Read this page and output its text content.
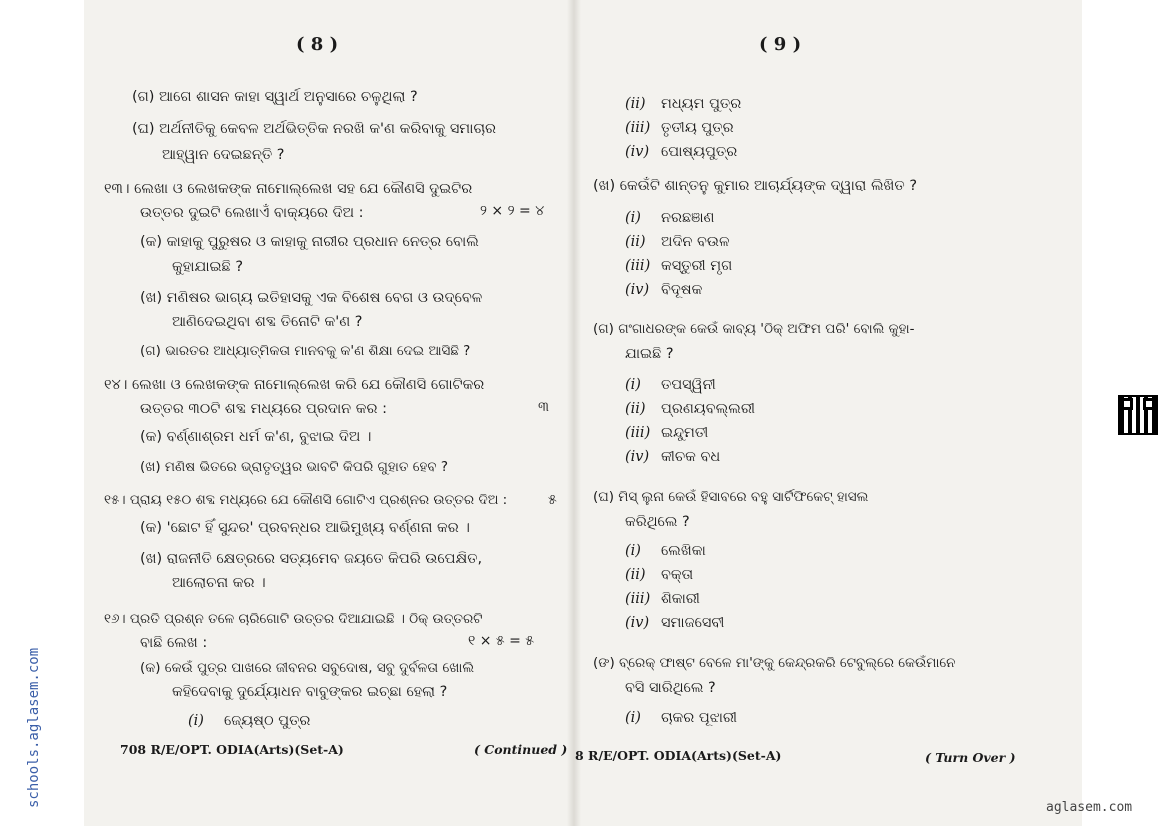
( 8 )
(ଗ) ଆଗେ ଶାସନ କାହା ସ୍ୱାର୍ଥ ଅନୁସାରେ ଚଳୁଥିଲା ?
(ଘ) ଅର୍ଥନୀତିକୁ କେବଳ ଅର୍ଥଭିତ୍ତିକ ନରଖି କ'ଣ କରିବାକୁ ସମାଚାର
ଆହ୍ୱାନ ଦେଇଛନ୍ତି ?
୧୩। ଲେଖା ଓ ଲେଖକଙ୍କ ନାମୋଲ୍ଲେଖ ସହ ଯେ କୌଣସି ଦୁଇଟିର
ଉତ୍ତର ଦୁଇଟି ଲେଖାଏଁ ବାକ୍ୟରେ ଦିଅ :	୨ × ୨ = ୪
(କ) କାହାକୁ ପୁରୁଷର ଓ କାହାକୁ ନାରୀର ପ୍ରଧାନ ନେତ୍ର ବୋଲି
କୁହାଯାଇଛି ?
(ଖ) ମଣିଷର ଭାଗ୍ୟ ଇତିହାସକୁ ଏକ ବିଶେଷ ବେଗ ଓ ଉଦ୍‌ବେଳ
ଆଣିଦେଇଥିବା ଶବ୍ଦ ତିନୋଟି କ'ଣ ?
(ଗ) ଭାରତର ଆଧ୍ୟାତ୍ମିକତା ମାନବକୁ କ'ଣ ଶିକ୍ଷା ଦେଇ ଆସିଛି ?
୧୪। ଲେଖା ଓ ଲେଖକଙ୍କ ନାମୋଲ୍ଲେଖ କରି ଯେ କୌଣସି ଗୋଟିକର
ଉତ୍ତର ୩୦ଟି ଶବ୍ଦ ମଧ୍ୟରେ ପ୍ରଦାନ କର :	୩
(କ) ବର୍ଣ୍ଣାଶ୍ରମ ଧର୍ମ କ'ଣ, ବୁଝାଇ ଦିଅ ।
(ଖ) ମଣିଷ ଭିତରେ ଭ୍ରାତୃତ୍ୱର ଭାବଟି କିପରି ଗୁହାତ ହେବ ?
୧୫। ପ୍ରାୟ ୧୫୦ ଶବ୍ଦ ମଧ୍ୟରେ ଯେ କୌଣସି ଗୋଟିଏ ପ୍ରଶ୍ନର ଉତ୍ତର ଦିଅ :	୫
(କ) 'ଛୋଟ ହିଁ ସୁନ୍ଦର' ପ୍ରବନ୍ଧର ଆଭିମୁଖ୍ୟ ବର୍ଣ୍ଣନା କର ।
(ଖ) ରାଜନୀତି କ୍ଷେତ୍ରରେ ସତ୍ୟମେବ ଜୟତେ କିପରି ଉପେକ୍ଷିତ,
ଆଲୋଚନା କର ।
୧୬। ପ୍ରତି ପ୍ରଶ୍ନ ତଳେ ଚାରିଗୋଟି ଉତ୍ତର ଦିଆଯାଇଛି । ଠିକ୍ ଉତ୍ତରଟି
ବାଛି ଲେଖ :	୧ × ୫ = ୫
(କ) କେଉଁ ପୁତ୍ର ପାଖରେ ଜୀବନର ସବୁଦୋଷ, ସବୁ ଦୁର୍ବଳତା ଖୋଲି
କହିଦେବାକୁ ଦୁର୍ଯ୍ୟୋଧନ ବାବୁଙ୍କର ଇଚ୍ଛା ହେଲା ?
(i) ଜ୍ୟେଷ୍ଠ ପୁତ୍ର
708 R/E/OPT. ODIA(Arts)(Set-A)	( Continued )
( 9 )
(ii) ମଧ୍ୟମ ପୁତ୍ର
(iii) ତୃତୀୟ ପୁତ୍ର
(iv) ପୋଷ୍ୟପୁତ୍ର
(ଖ) କେଉଁଟି ଶାନ୍ତନୁ କୁମାର ଆଚାର୍ଯ୍ୟଙ୍କ ଦ୍ୱାରା ଲିଖିତ ?
(i) ନରଛଞାଣ
(ii) ଅଦିନ ବଉଳ
(iii) କସ୍ତୁରୀ ମୃଗ
(iv) ବିଦୂଷକ
(ଗ) ଗଂଗାଧରଙ୍କ କେଉଁ କାବ୍ୟ 'ଠିକ୍ ଅଫିମ ପରି' ବୋଲି କୁହା-
ଯାଇଛି ?
(i) ତପସ୍ୱିନୀ
(ii) ପ୍ରଣୟବଲ୍ଲରୀ
(iii) ଇନ୍ଦୁମତୀ
(iv) କୀଚକ ବଧ
(ଘ) ମିସ୍ ଲୁନା କେଉଁ ହିସାବରେ ବହୁ ସାର୍ଟିଫିକେଟ୍ ହାସଲ
କରିଥିଲେ ?
(i) ଲେଖିକା
(ii) ବକ୍ତା
(iii) ଶିକାରୀ
(iv) ସମାଜସେବୀ
(ଙ) ବ୍ରେକ୍ ଫାଷ୍ଟ ବେଳେ ମା'ଙ୍କୁ କେନ୍ଦ୍ରକରି ଟେବୁଲ୍‌ରେ କେଉଁମାନେ
ବସି ସାରିଥିଲେ ?
(i) ଚାକର ପୂଝାରୀ
8 R/E/OPT. ODIA(Arts)(Set-A)	( Turn Over )
schools.aglasem.com	aglasem.com
